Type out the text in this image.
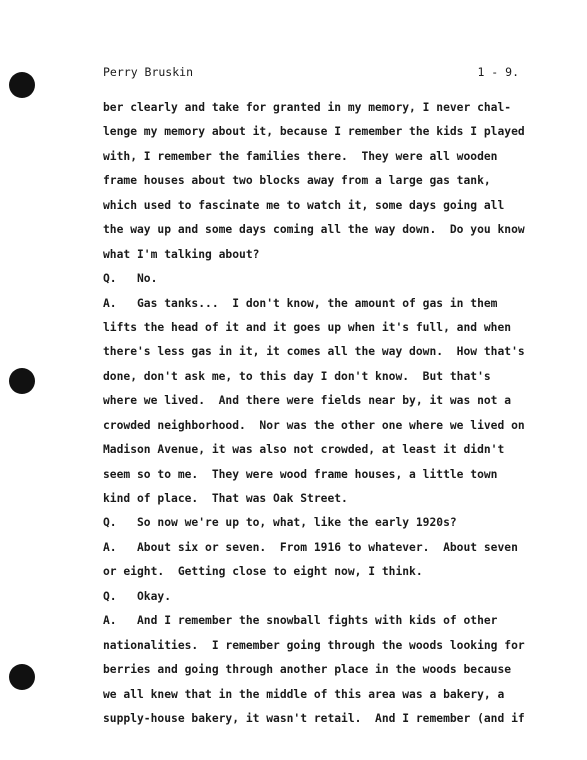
Perry Bruskin	1 - 9.
ber clearly and take for granted in my memory, I never chal-
lenge my memory about it, because I remember the kids I played
with, I remember the families there.  They were all wooden
frame houses about two blocks away from a large gas tank,
which used to fascinate me to watch it, some days going all
the way up and some days coming all the way down.  Do you know
what I'm talking about?
Q.   No.
A.   Gas tanks...  I don't know, the amount of gas in them
lifts the head of it and it goes up when it's full, and when
there's less gas in it, it comes all the way down.  How that's
done, don't ask me, to this day I don't know.  But that's
where we lived.  And there were fields near by, it was not a
crowded neighborhood.  Nor was the other one where we lived on
Madison Avenue, it was also not crowded, at least it didn't
seem so to me.  They were wood frame houses, a little town
kind of place.  That was Oak Street.
Q.   So now we're up to, what, like the early 1920s?
A.   About six or seven.  From 1916 to whatever.  About seven
or eight.  Getting close to eight now, I think.
Q.   Okay.
A.   And I remember the snowball fights with kids of other
nationalities.  I remember going through the woods looking for
berries and going through another place in the woods because
we all knew that in the middle of this area was a bakery, a
supply-house bakery, it wasn't retail.  And I remember (and if
